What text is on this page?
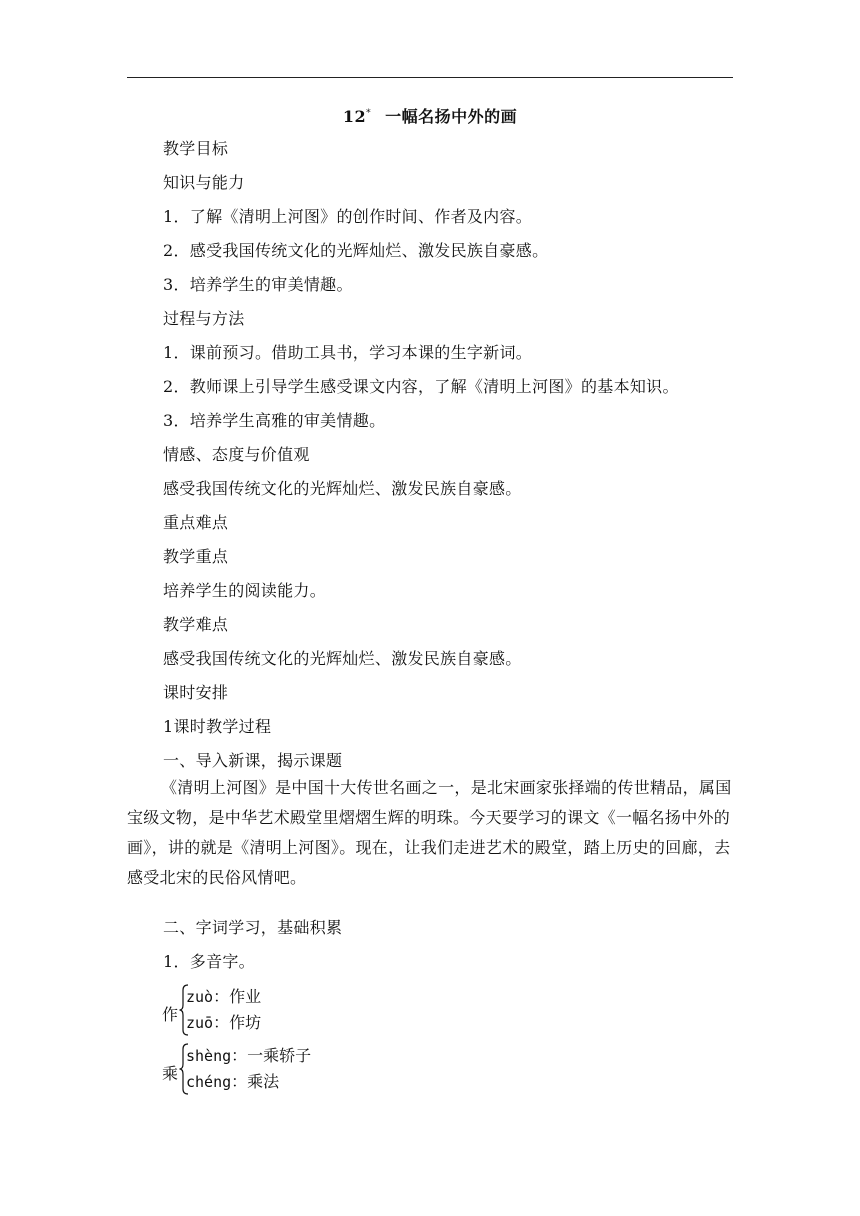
12* 一幅名扬中外的画
教学目标
知识与能力
1．了解《清明上河图》的创作时间、作者及内容。
2．感受我国传统文化的光辉灿烂、激发民族自豪感。
3．培养学生的审美情趣。
过程与方法
1．课前预习。借助工具书，学习本课的生字新词。
2．教师课上引导学生感受课文内容，了解《清明上河图》的基本知识。
3．培养学生高雅的审美情趣。
情感、态度与价值观
感受我国传统文化的光辉灿烂、激发民族自豪感。
重点难点
教学重点
培养学生的阅读能力。
教学难点
感受我国传统文化的光辉灿烂、激发民族自豪感。
课时安排
1课时教学过程
一、导入新课，揭示课题
《清明上河图》是中国十大传世名画之一，是北宋画家张择端的传世精品，属国宝级文物，是中华艺术殿堂里熠熠生辉的明珠。今天要学习的课文《一幅名扬中外的画》，讲的就是《清明上河图》。现在，让我们走进艺术的殿堂，踏上历史的回廊，去感受北宋的民俗风情吧。
二、字词学习，基础积累
1．多音字。
作
zuò：作业
zuō：作坊
乘
shèng：一乘轿子
chéng：乘法
